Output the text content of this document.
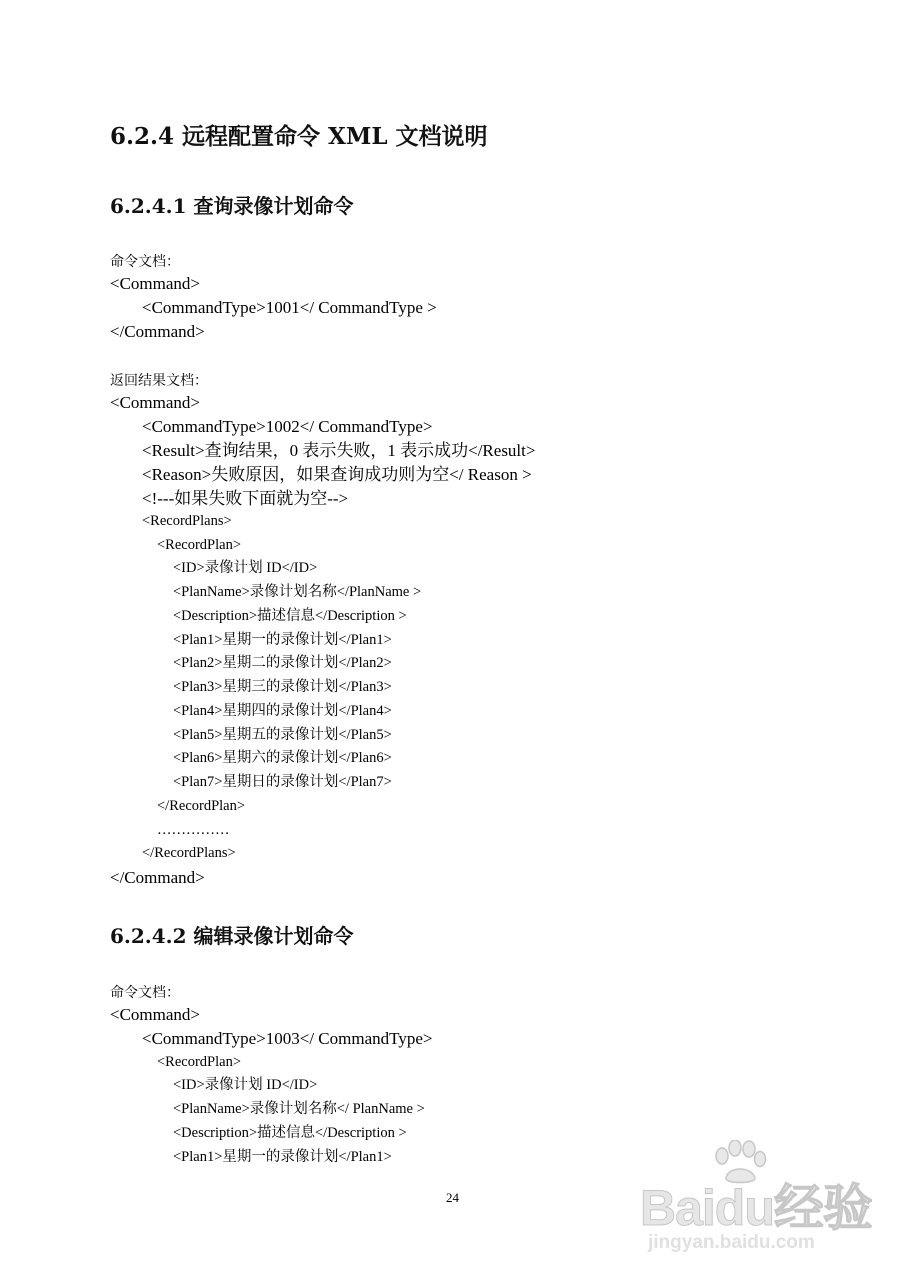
6.2.4 远程配置命令 XML 文档说明
6.2.4.1 查询录像计划命令
命令文档：
<Command>
<CommandType>1001</ CommandType >
</Command>
返回结果文档：
<Command>
<CommandType>1002</ CommandType>
<Result>查询结果，0 表示失败，1 表示成功</Result>
<Reason>失败原因，如果查询成功则为空</ Reason >
<!---如果失败下面就为空-->
<RecordPlans>
<RecordPlan>
<ID>录像计划 ID</ID>
<PlanName>录像计划名称</PlanName >
<Description>描述信息</Description >
<Plan1>星期一的录像计划</Plan1>
<Plan2>星期二的录像计划</Plan2>
<Plan3>星期三的录像计划</Plan3>
<Plan4>星期四的录像计划</Plan4>
<Plan5>星期五的录像计划</Plan5>
<Plan6>星期六的录像计划</Plan6>
<Plan7>星期日的录像计划</Plan7>
</RecordPlan>
……………
</RecordPlans>
</Command>
6.2.4.2 编辑录像计划命令
命令文档：
<Command>
<CommandType>1003</ CommandType>
<RecordPlan>
<ID>录像计划 ID</ID>
<PlanName>录像计划名称</ PlanName >
<Description>描述信息</Description >
<Plan1>星期一的录像计划</Plan1>
24	Baidu经验
jingyan.baidu.com
